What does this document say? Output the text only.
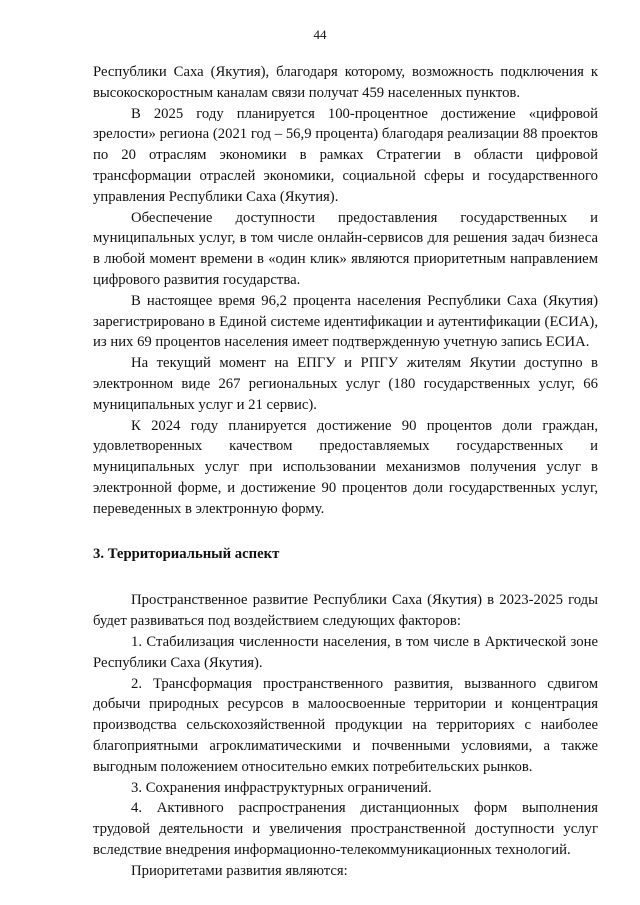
44

Республики Саха (Якутия), благодаря которому, возможность подключения к высокоскоростным каналам связи получат 459 населенных пунктов.

В 2025 году планируется 100-процентное достижение «цифровой зрелости» региона (2021 год – 56,9 процента) благодаря реализации 88 проектов по 20 отраслям экономики в рамках Стратегии в области цифровой трансформации отраслей экономики, социальной сферы и государственного управления Республики Саха (Якутия).

Обеспечение доступности предоставления государственных и муниципальных услуг, в том числе онлайн-сервисов для решения задач бизнеса в любой момент времени в «один клик» являются приоритетным направлением цифрового развития государства.

В настоящее время 96,2 процента населения Республики Саха (Якутия) зарегистрировано в Единой системе идентификации и аутентификации (ЕСИА), из них 69 процентов населения имеет подтвержденную учетную запись ЕСИА.

На текущий момент на ЕПГУ и РПГУ жителям Якутии доступно в электронном виде 267 региональных услуг (180 государственных услуг, 66 муниципальных услуг и 21 сервис).

К 2024 году планируется достижение 90 процентов доли граждан, удовлетворенных качеством предоставляемых государственных и муниципальных услуг при использовании механизмов получения услуг в электронной форме, и достижение 90 процентов доли государственных услуг, переведенных в электронную форму.

3. Территориальный аспект

Пространственное развитие Республики Саха (Якутия) в 2023-2025 годы будет развиваться под воздействием следующих факторов:

1. Стабилизация численности населения, в том числе в Арктической зоне Республики Саха (Якутия).

2. Трансформация пространственного развития, вызванного сдвигом добычи природных ресурсов в малоосвоенные территории и концентрация производства сельскохозяйственной продукции на территориях с наиболее благоприятными агроклиматическими и почвенными условиями, а также выгодным положением относительно емких потребительских рынков.

3. Сохранения инфраструктурных ограничений.

4. Активного распространения дистанционных форм выполнения трудовой деятельности и увеличения пространственной доступности услуг вследствие внедрения информационно-телекоммуникационных технологий.

Приоритетами развития являются:
